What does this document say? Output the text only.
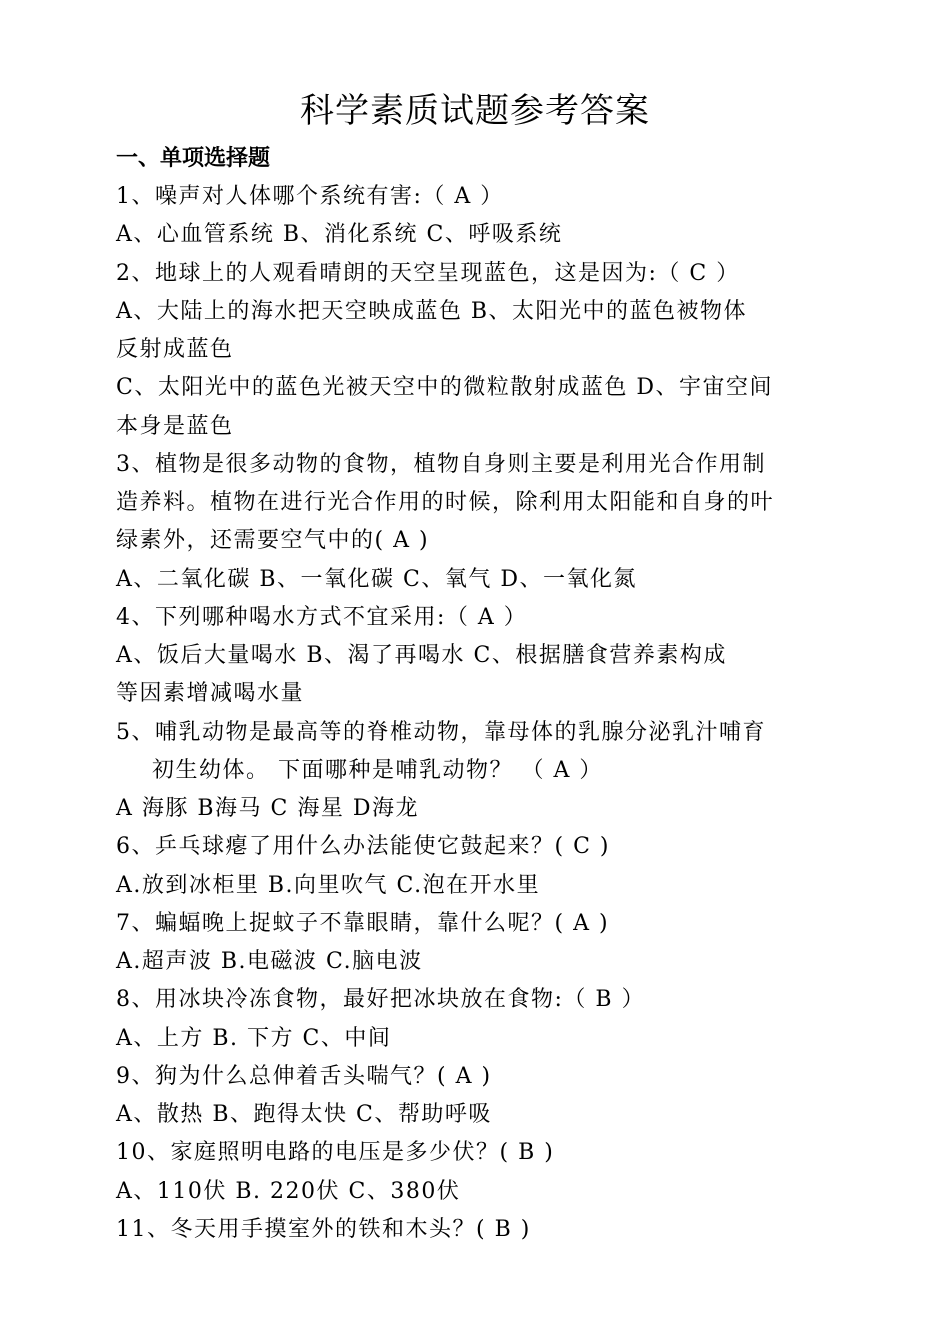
科学素质试题参考答案
一、单项选择题
1、噪声对人体哪个系统有害:（ A ）
A、心血管系统 B、消化系统 C、呼吸系统
2、地球上的人观看晴朗的天空呈现蓝色，这是因为:（ C ）
A、大陆上的海水把天空映成蓝色 B、太阳光中的蓝色被物体
反射成蓝色
C、太阳光中的蓝色光被天空中的微粒散射成蓝色 D、宇宙空间
本身是蓝色
3、植物是很多动物的食物，植物自身则主要是利用光合作用制
造养料。植物在进行光合作用的时候，除利用太阳能和自身的叶
绿素外，还需要空气中的( A )
A、二氧化碳 B、一氧化碳 C、氧气 D、一氧化氮
4、下列哪种喝水方式不宜采用:（ A ）
A、饭后大量喝水 B、渴了再喝水 C、根据膳食营养素构成
等因素增减喝水量
5、哺乳动物是最高等的脊椎动物，靠母体的乳腺分泌乳汁哺育
初生幼体。 下面哪种是哺乳动物？ （ A ）
A 海豚 B海马 C 海星 D海龙
6、乒乓球瘪了用什么办法能使它鼓起来？( C )
A.放到冰柜里 B.向里吹气 C.泡在开水里
7、蝙蝠晚上捉蚊子不靠眼睛，靠什么呢？( A )
A.超声波 B.电磁波 C.脑电波
8、用冰块冷冻食物，最好把冰块放在食物:（ B ）
A、上方 B. 下方 C、中间
9、狗为什么总伸着舌头喘气？( A )
A、散热 B、跑得太快 C、帮助呼吸
10、家庭照明电路的电压是多少伏？( B )
A、110伏 B. 220伏 C、380伏
11、冬天用手摸室外的铁和木头？( B )
